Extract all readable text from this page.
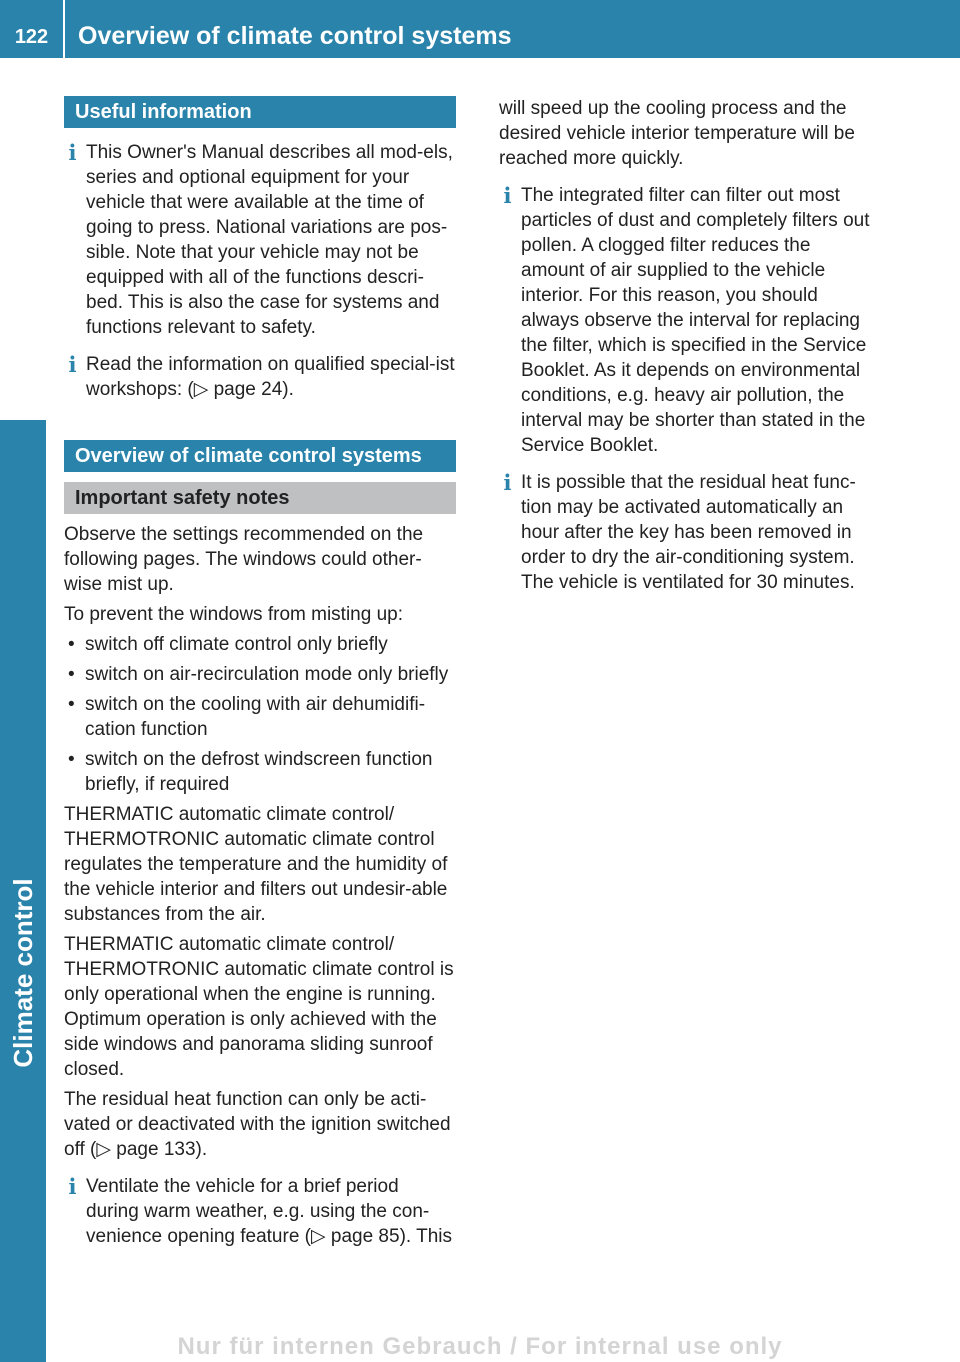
122	Overview of climate control systems
Climate control
Useful information
i This Owner's Manual describes all mod-els, series and optional equipment for your vehicle that were available at the time of going to press. National variations are pos-sible. Note that your vehicle may not be equipped with all of the functions descri-bed. This is also the case for systems and functions relevant to safety.
i Read the information on qualified special-ist workshops: (▷ page 24).
Overview of climate control systems
Important safety notes

Observe the settings recommended on the following pages. The windows could other-wise mist up.

To prevent the windows from misting up:

• switch off climate control only briefly
• switch on air-recirculation mode only briefly
• switch on the cooling with air dehumidifi-cation function
• switch on the defrost windscreen function briefly, if required

THERMATIC automatic climate control/ THERMOTRONIC automatic climate control regulates the temperature and the humidity of the vehicle interior and filters out undesir-able substances from the air.

THERMATIC automatic climate control/ THERMOTRONIC automatic climate control is only operational when the engine is running. Optimum operation is only achieved with the side windows and panorama sliding sunroof closed.

The residual heat function can only be acti-vated or deactivated with the ignition switched off (▷ page 133).

i Ventilate the vehicle for a brief period during warm weather, e.g. using the con-venience opening feature (▷ page 85). This

will speed up the cooling process and the desired vehicle interior temperature will be reached more quickly.

i The integrated filter can filter out most particles of dust and completely filters out pollen. A clogged filter reduces the amount of air supplied to the vehicle interior. For this reason, you should always observe the interval for replacing the filter, which is specified in the Service Booklet. As it depends on environmental conditions, e.g. heavy air pollution, the interval may be shorter than stated in the Service Booklet.
i It is possible that the residual heat func-tion may be activated automatically an hour after the key has been removed in order to dry the air-conditioning system. The vehicle is ventilated for 30 minutes.
Nur für internen Gebrauch / For internal use only
